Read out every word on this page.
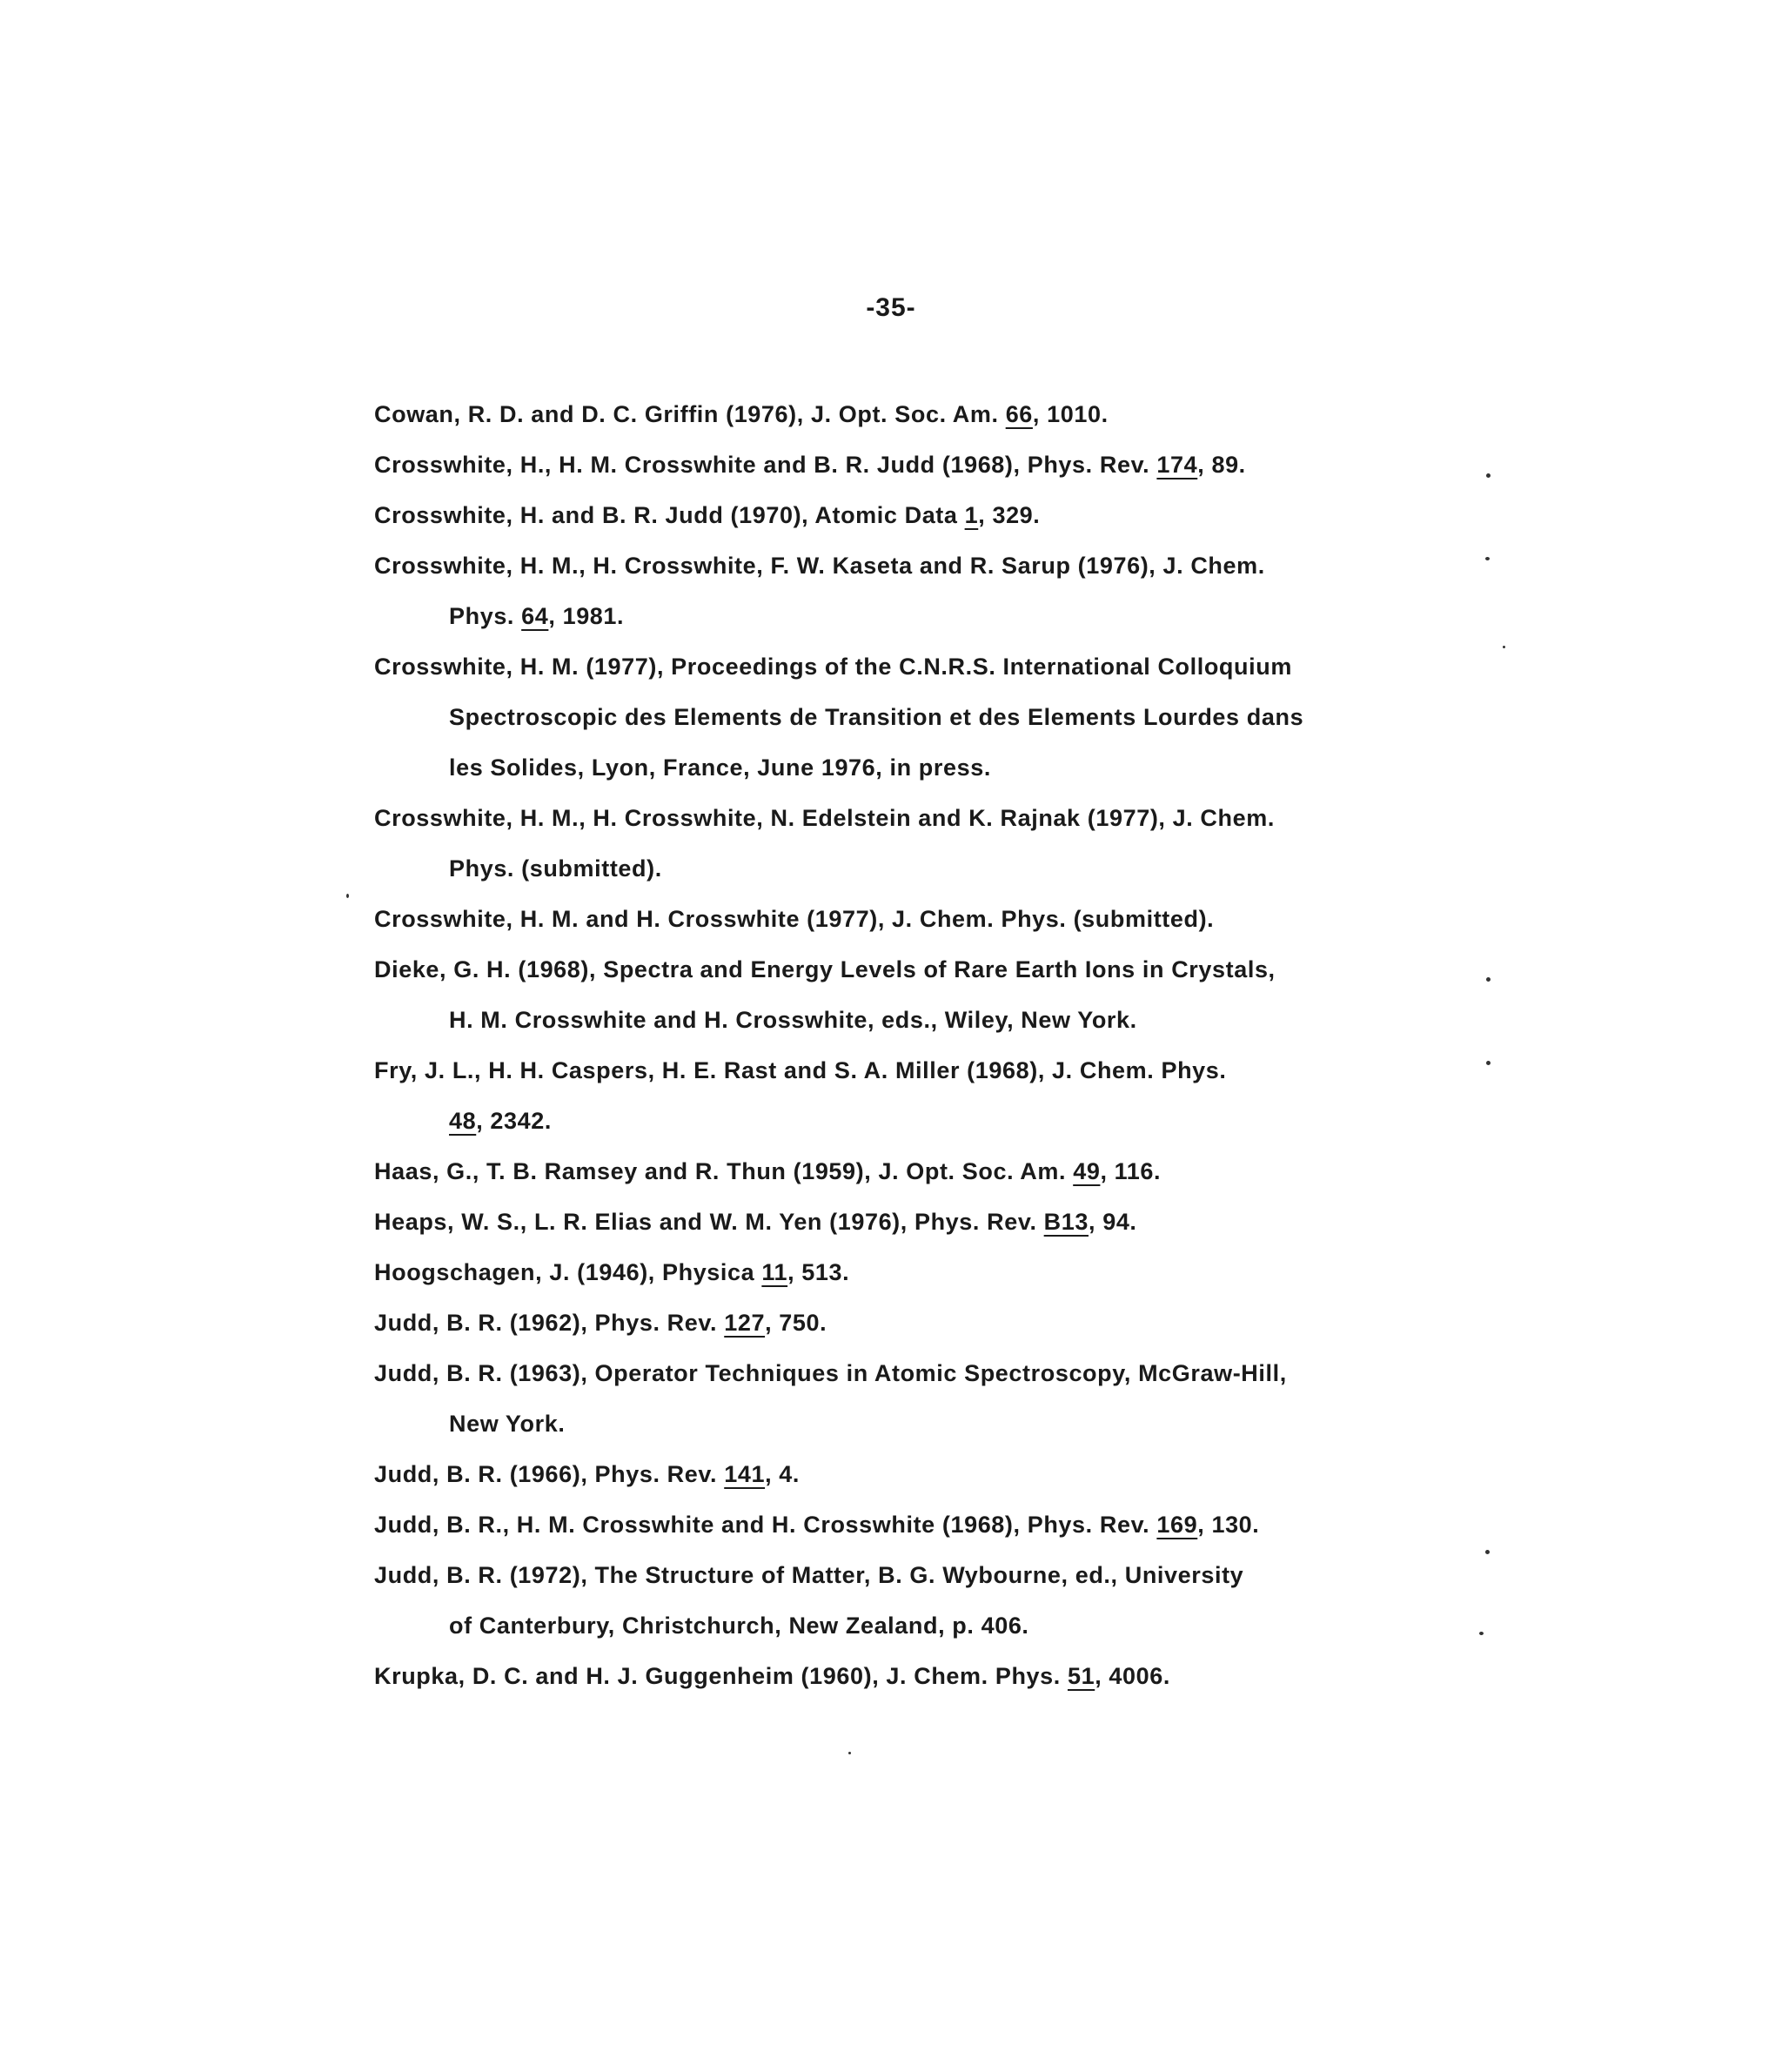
-35-
Cowan, R. D. and D. C. Griffin (1976), J. Opt. Soc. Am. 66, 1010.
Crosswhite, H., H. M. Crosswhite and B. R. Judd (1968), Phys. Rev. 174, 89.
Crosswhite, H. and B. R. Judd (1970), Atomic Data 1, 329.
Crosswhite, H. M., H. Crosswhite, F. W. Kaseta and R. Sarup (1976), J. Chem.
Phys. 64, 1981.
Crosswhite, H. M. (1977), Proceedings of the C.N.R.S. International Colloquium
Spectroscopic des Elements de Transition et des Elements Lourdes dans
les Solides, Lyon, France, June 1976, in press.
Crosswhite, H. M., H. Crosswhite, N. Edelstein and K. Rajnak (1977), J. Chem.
Phys. (submitted).
Crosswhite, H. M. and H. Crosswhite (1977), J. Chem. Phys. (submitted).
Dieke, G. H. (1968), Spectra and Energy Levels of Rare Earth Ions in Crystals,
H. M. Crosswhite and H. Crosswhite, eds., Wiley, New York.
Fry, J. L., H. H. Caspers, H. E. Rast and S. A. Miller (1968), J. Chem. Phys.
48, 2342.
Haas, G., T. B. Ramsey and R. Thun (1959), J. Opt. Soc. Am. 49, 116.
Heaps, W. S., L. R. Elias and W. M. Yen (1976), Phys. Rev. B13, 94.
Hoogschagen, J. (1946), Physica 11, 513.
Judd, B. R. (1962), Phys. Rev. 127, 750.
Judd, B. R. (1963), Operator Techniques in Atomic Spectroscopy, McGraw-Hill,
New York.
Judd, B. R. (1966), Phys. Rev. 141, 4.
Judd, B. R., H. M. Crosswhite and H. Crosswhite (1968), Phys. Rev. 169, 130.
Judd, B. R. (1972), The Structure of Matter, B. G. Wybourne, ed., University
of Canterbury, Christchurch, New Zealand, p. 406.
Krupka, D. C. and H. J. Guggenheim (1960), J. Chem. Phys. 51, 4006.
